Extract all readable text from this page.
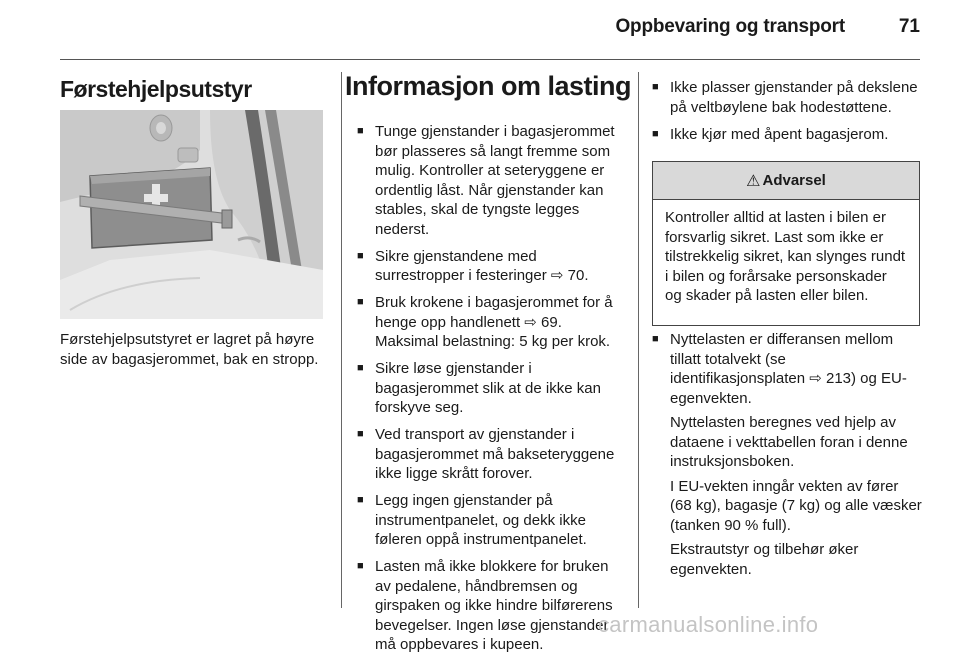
Oppbevaring og transport	71
Førstehjelpsutstyr
Førstehjelpsutstyret er lagret på høyre side av bagasjerommet, bak en stropp.
Informasjon om lasting
■ Tunge gjenstander i bagasjerommet bør plasseres så langt fremme som mulig. Kontroller at seteryggene er ordentlig låst. Når gjenstander kan stables, skal de tyngste legges nederst.

■ Sikre gjenstandene med surrestropper i festeringer ⇨ 70.

■ Bruk krokene i bagasjerommet for å henge opp handlenett ⇨ 69. Maksimal belastning: 5 kg per krok.

■ Sikre løse gjenstander i bagasjerommet slik at de ikke kan forskyve seg.

■ Ved transport av gjenstander i bagasjerommet må bakseteryggene ikke ligge skrått forover.

■ Legg ingen gjenstander på instrumentpanelet, og dekk ikke føleren oppå instrumentpanelet.

■ Lasten må ikke blokkere for bruken av pedalene, håndbremsen og girspaken og ikke hindre bilførerens bevegelser. Ingen løse gjenstander må oppbevares i kupeen.

■ Ikke plasser gjenstander på dekslene på veltbøylene bak hodestøttene.

■ Ikke kjør med åpent bagasjerom.

⚠ Advarsel
Kontroller alltid at lasten i bilen er forsvarlig sikret. Last som ikke er tilstrekkelig sikret, kan slynges rundt i bilen og forårsake personskader og skader på lasten eller bilen.
■ Nyttelasten er differansen mellom tillatt totalvekt (se identifikasjonsplaten ⇨ 213) og EU-egenvekten.

Nyttelasten beregnes ved hjelp av dataene i vekttabellen foran i denne instruksjonsboken.

I EU-vekten inngår vekten av fører (68 kg), bagasje (7 kg) og alle væsker (tanken 90 % full).

Ekstrautstyr og tilbehør øker egenvekten.

carmanualsonline.info
